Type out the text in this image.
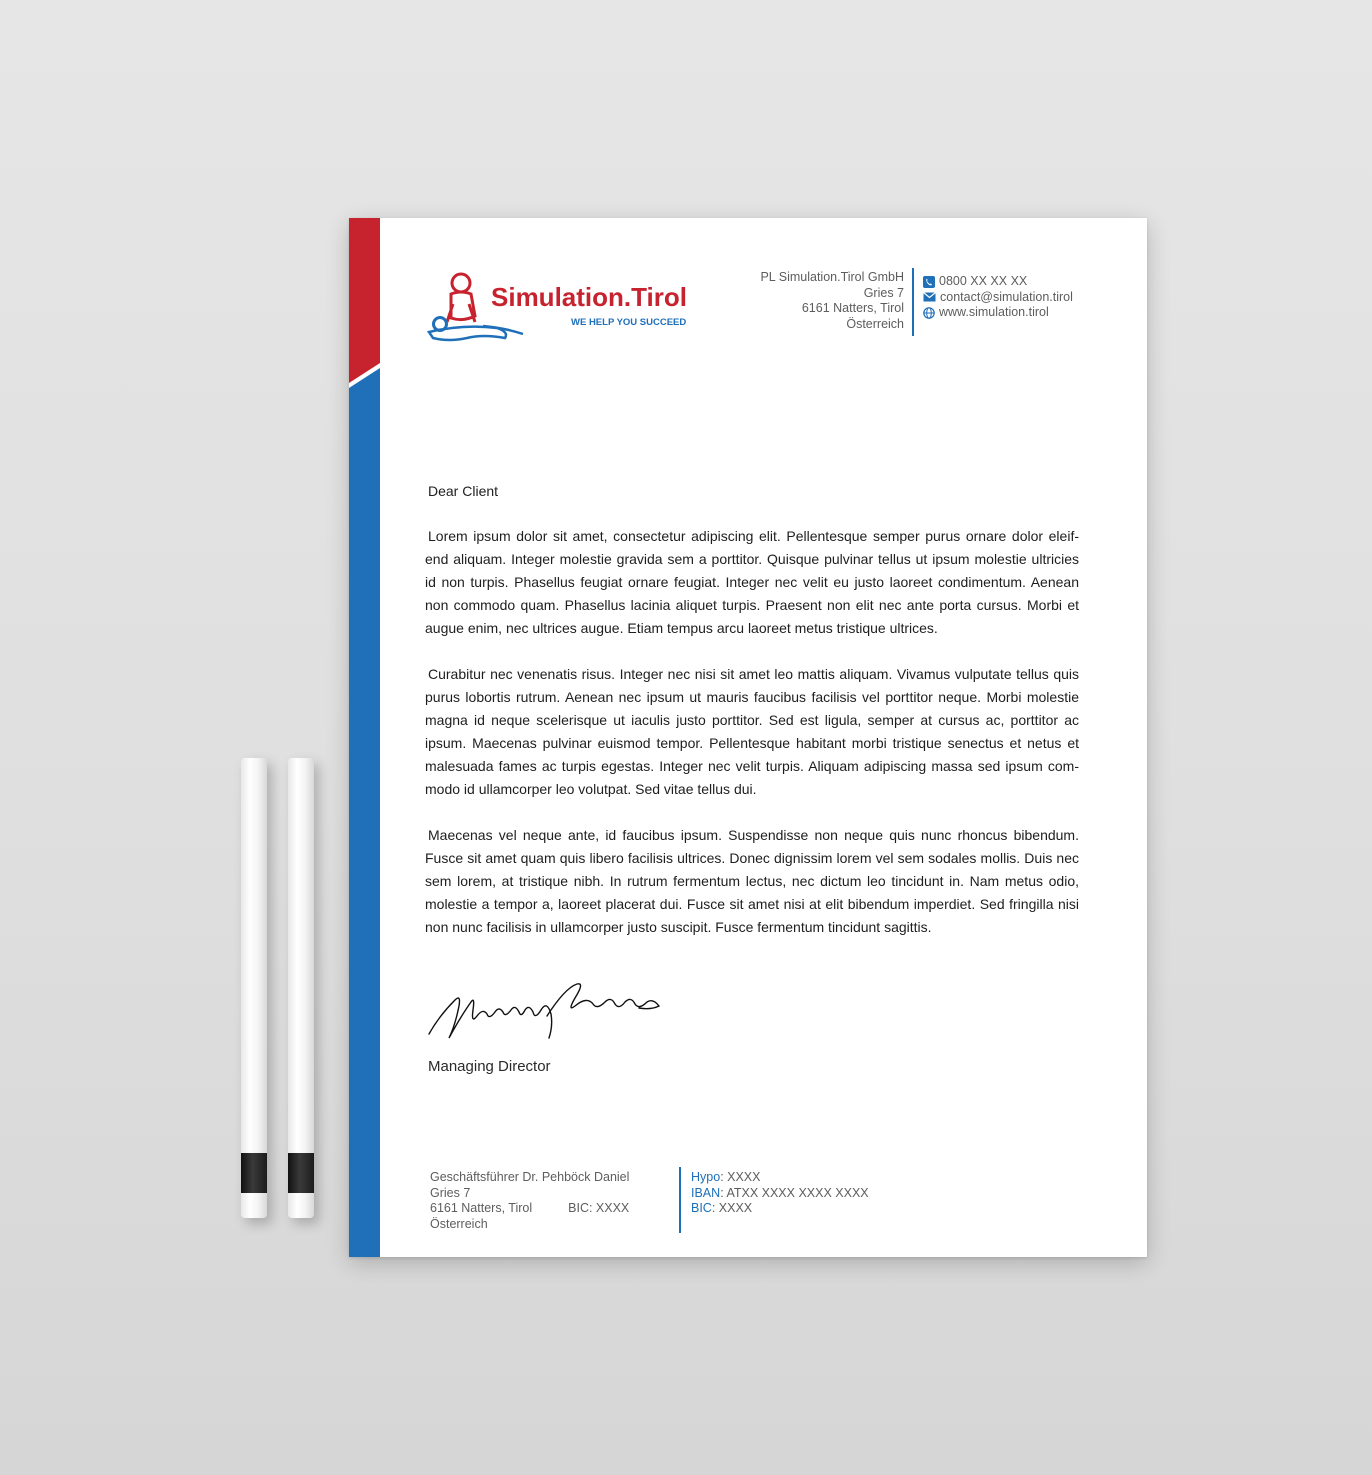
Simulation.Tirol
WE HELP YOU SUCCEED
PL Simulation.Tirol GmbH
Gries 7
6161 Natters, Tirol
Österreich
0800 XX XX XX
contact@simulation.tirol
www.simulation.tirol
Dear Client

Lorem ipsum dolor sit amet, consectetur adipiscing elit. Pellentesque semper purus ornare dolor eleif-end aliquam. Integer molestie gravida sem a porttitor. Quisque pulvinar tellus ut ipsum molestie ultricies id non turpis. Phasellus feugiat ornare feugiat. Integer nec velit eu justo laoreet condimentum. Aenean non commodo quam. Phasellus lacinia aliquet turpis. Praesent non elit nec ante porta cursus. Morbi et augue enim, nec ultrices augue. Etiam tempus arcu laoreet metus tristique ultrices.

Curabitur nec venenatis risus. Integer nec nisi sit amet leo mattis aliquam. Vivamus vulputate tellus quis purus lobortis rutrum. Aenean nec ipsum ut mauris faucibus facilisis vel porttitor neque. Morbi molestie magna id neque scelerisque ut iaculis justo porttitor. Sed est ligula, semper at cursus ac, porttitor ac ipsum. Maecenas pulvinar euismod tempor. Pellentesque habitant morbi tristique senectus et netus et malesuada fames ac turpis egestas. Integer nec velit turpis. Aliquam adipiscing massa sed ipsum com-modo id ullamcorper leo volutpat. Sed vitae tellus dui.

Maecenas vel neque ante, id faucibus ipsum. Suspendisse non neque quis nunc rhoncus bibendum. Fusce sit amet quam quis libero facilisis ultrices. Donec dignissim lorem vel sem sodales mollis. Duis nec sem lorem, at tristique nibh. In rutrum fermentum lectus, nec dictum leo tincidunt in. Nam metus odio, molestie a tempor a, laoreet placerat dui. Fusce sit amet nisi at elit bibendum imperdiet. Sed fringilla nisi non nunc facilisis in ullamcorper justo suscipit. Fusce fermentum tincidunt sagittis.

Managing Director
Geschäftsführer Dr. Pehböck Daniel
Gries 7
6161 Natters, Tirol	BIC: XXXX
Österreich
Hypo: XXXX
IBAN: ATXX XXXX XXXX XXXX
BIC: XXXX
